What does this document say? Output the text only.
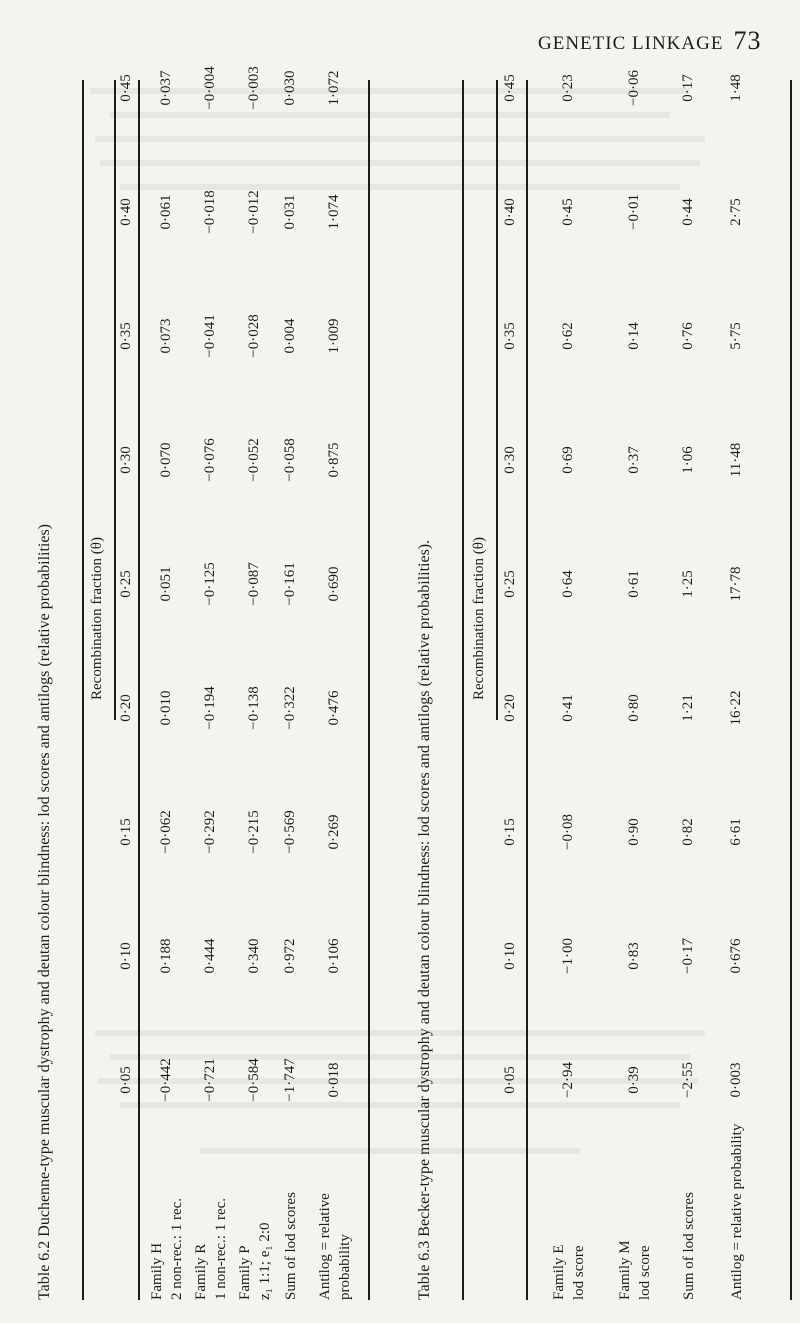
GENETIC LINKAGE 73
Table 6.2 Duchenne-type muscular dystrophy and deutan colour blindness: lod scores and antilogs (relative probabilities) Recombination fraction (θ)
0·05
0·10
0·15
0·20
0·25
0·30
0·35
0·40
0·45
Family H 2 non-rec.: 1 rec.
−0·442
0·188
−0·062
0·010
0·051
0·070
0·073
0·061
0·037
Family R 1 non-rec.: 1 rec.
−0·721
0·444
−0·292
−0·194
−0·125
−0·076
−0·041
−0·018
−0·004
Family P z₁ 1:1; e₁ 2:0
−0·584
0·340
−0·215
−0·138
−0·087
−0·052
−0·028
−0·012
−0·003
Sum of lod scores
−1·747
0·972
−0·569
−0·322
−0·161
−0·058
0·004
0·031
0·030
Antilog = relative probability
0·018
0·106
0·269
0·476
0·690
0·875
1·009
1·074
1·072
Table 6.3 Becker-type muscular dystrophy and deutan colour blindness: lod scores and antilogs (relative probabilities).	Recombination fraction (θ)
0·05
0·10
0·15
0·20
0·25
0·30
0·35
0·40
0·45
Family E lod score
−2·94
−1·00
−0·08
0·41
0·64
0·69
0·62
0·45
0·23
Family M lod score
0·39
0·83
0·90
0·80
0·61
0·37
0·14
−0·01
−0·06
Sum of lod scores
−2·55
−0·17
0·82
1·21
1·25
1·06
0·76
0·44
0·17
Antilog = relative probability
0·003
0·676
6·61
16·22
17·78
11·48
5·75
2·75
1·48
